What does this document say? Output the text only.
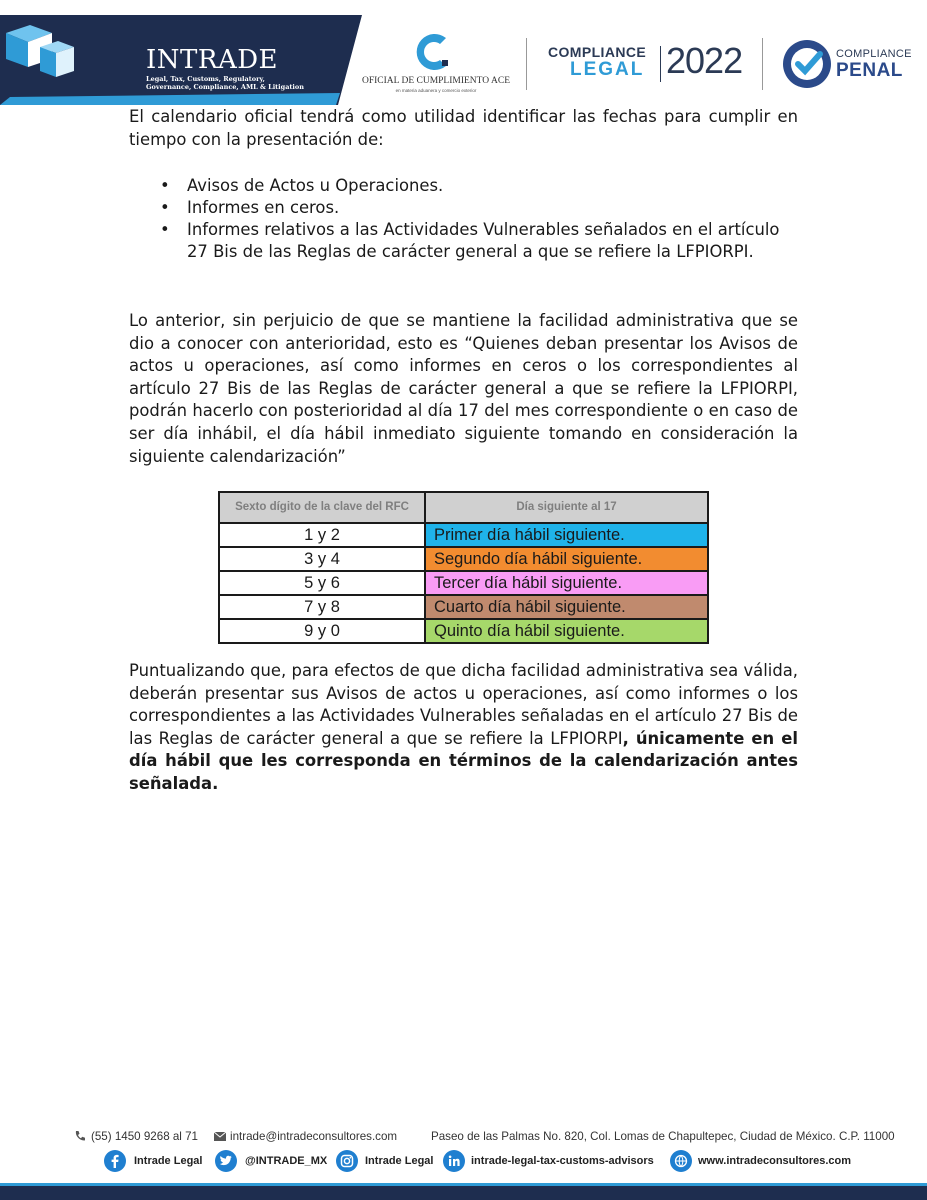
INTRADE
Legal, Tax, Customs, Regulatory, Governance, Compliance, AML & Litigation
OFICIAL DE CUMPLIMIENTO ACE
en materia aduanera y comercio exterior
COMPLIANCE
LEGAL 2022	COMPLIANCE
PENAL

El calendario oficial tendrá como utilidad identificar las fechas para cumplir en tiempo con la presentación de:

• Avisos de Actos u Operaciones.
• Informes en ceros.
• Informes relativos a las Actividades Vulnerables señalados en el artículo 27 Bis de las Reglas de carácter general a que se refiere la LFPIORPI.

Lo anterior, sin perjuicio de que se mantiene la facilidad administrativa que se dio a conocer con anterioridad, esto es “Quienes deban presentar los Avisos de actos u operaciones, así como informes en ceros o los correspondientes al artículo 27 Bis de las Reglas de carácter general a que se refiere la LFPIORPI, podrán hacerlo con posterioridad al día 17 del mes correspondiente o en caso de ser día inhábil, el día hábil inmediato siguiente tomando en consideración la siguiente calendarización”

Sexto dígito de la clave del RFC	Día siguiente al 17
1 y 2	Primer día hábil siguiente.
3 y 4	Segundo día hábil siguiente.
5 y 6	Tercer día hábil siguiente.
7 y 8	Cuarto día hábil siguiente.
9 y 0	Quinto día hábil siguiente.

Puntualizando que, para efectos de que dicha facilidad administrativa sea válida, deberán presentar sus Avisos de actos u operaciones, así como informes o los correspondientes a las Actividades Vulnerables señaladas en el artículo 27 Bis de las Reglas de carácter general a que se refiere la LFPIORPI, únicamente en el día hábil que les corresponda en términos de la calendarización antes señalada.

(55) 1450 9268 al 71	intrade@intradeconsultores.com	Paseo de las Palmas No. 820, Col. Lomas de Chapultepec, Ciudad de México. C.P. 11000
Intrade Legal	@INTRADE_MX	Intrade Legal	intrade-legal-tax-customs-advisors	www.intradeconsultores.com
